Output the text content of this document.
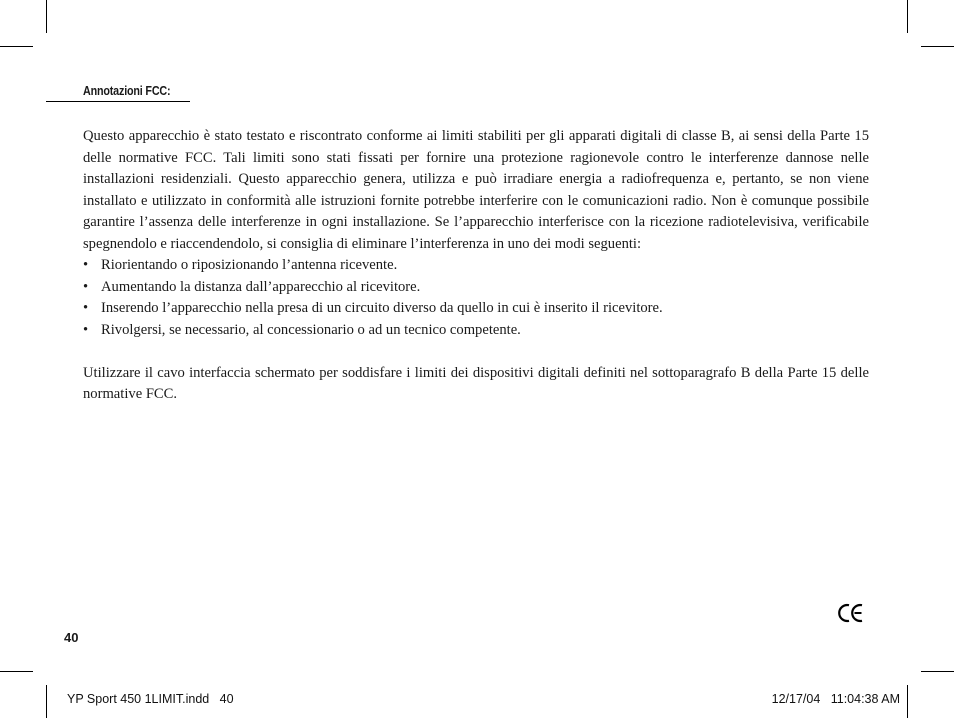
Annotazioni FCC:

Questo apparecchio è stato testato e riscontrato conforme ai limiti stabiliti per gli apparati digitali di classe B, ai sensi della Parte 15 delle normative FCC. Tali limiti sono stati fissati per fornire una protezione ragionevole contro le interferenze dannose nelle installazioni residenziali. Questo apparecchio genera, utilizza e può irradiare energia a radiofrequenza e, pertanto, se non viene installato e utilizzato in conformità alle istruzioni fornite potrebbe interferire con le comunicazioni radio. Non è comunque possibile garantire l’assenza delle interferenze in ogni installazione. Se l’apparecchio interferisce con la ricezione radiotelevisiva, verificabile spegnendolo e riaccendendolo, si consiglia di eliminare l’interferenza in uno dei modi seguenti:

• Riorientando o riposizionando l’antenna ricevente.
• Aumentando la distanza dall’apparecchio al ricevitore.
• Inserendo l’apparecchio nella presa di un circuito diverso da quello in cui è inserito il ricevitore.
• Rivolgersi, se necessario, al concessionario o ad un tecnico competente.

Utilizzare il cavo interfaccia schermato per soddisfare i limiti dei dispositivi digitali definiti nel sottoparagrafo B della Parte 15 delle normative FCC.

40
YP Sport 450 1LIMIT.indd   40	12/17/04   11:04:38 AM
